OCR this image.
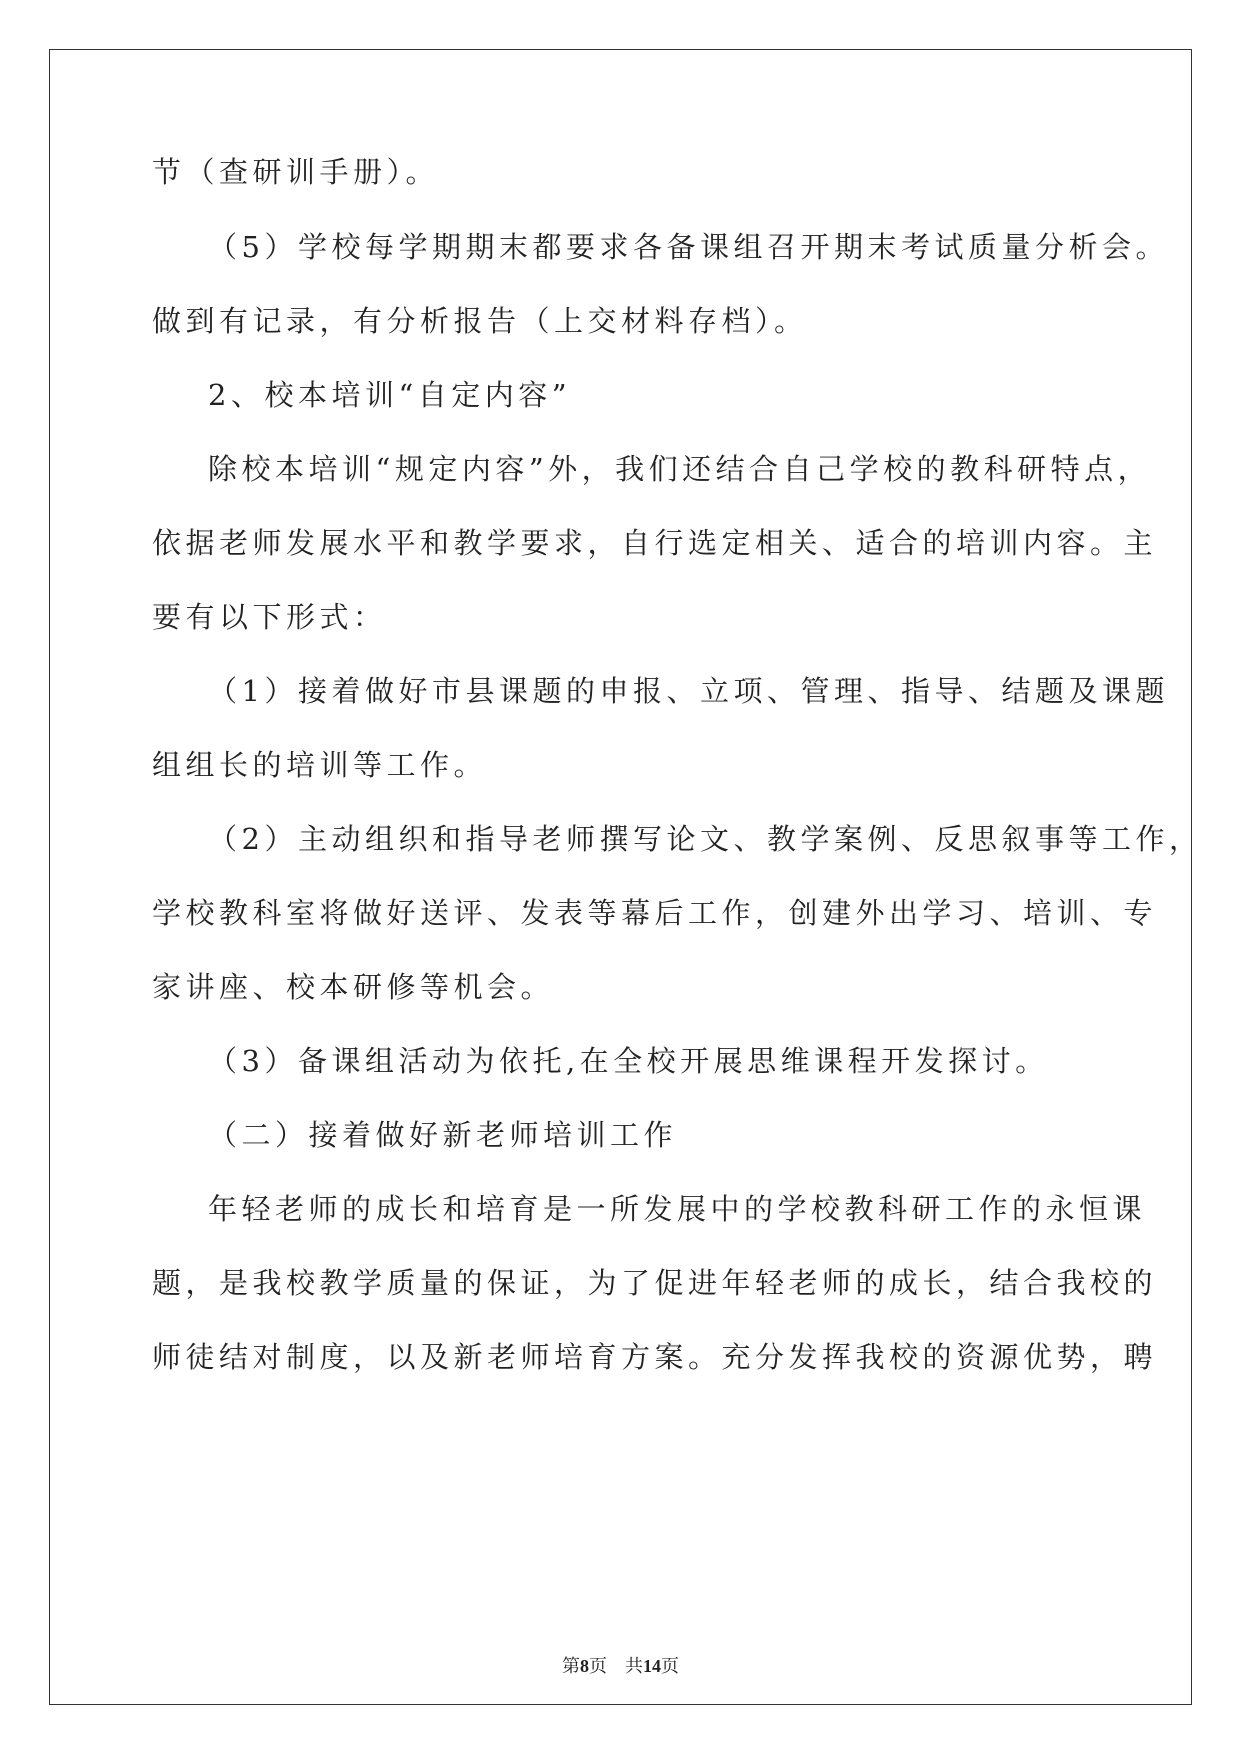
节（查研训手册）。

（5）学校每学期期末都要求各备课组召开期末考试质量分析会。

做到有记录，有分析报告（上交材料存档）。

2、校本培训“自定内容”

除校本培训“规定内容”外，我们还结合自己学校的教科研特点，

依据老师发展水平和教学要求，自行选定相关、适合的培训内容。主

要有以下形式：

（1）接着做好市县课题的申报、立项、管理、指导、结题及课题

组组长的培训等工作。

（2）主动组织和指导老师撰写论文、教学案例、反思叙事等工作，

学校教科室将做好送评、发表等幕后工作，创建外出学习、培训、专

家讲座、校本研修等机会。

（3）备课组活动为依托,在全校开展思维课程开发探讨。

（二）接着做好新老师培训工作

年轻老师的成长和培育是一所发展中的学校教科研工作的永恒课

题，是我校教学质量的保证，为了促进年轻老师的成长，结合我校的

师徒结对制度，以及新老师培育方案。充分发挥我校的资源优势，聘

第8页 共14页
